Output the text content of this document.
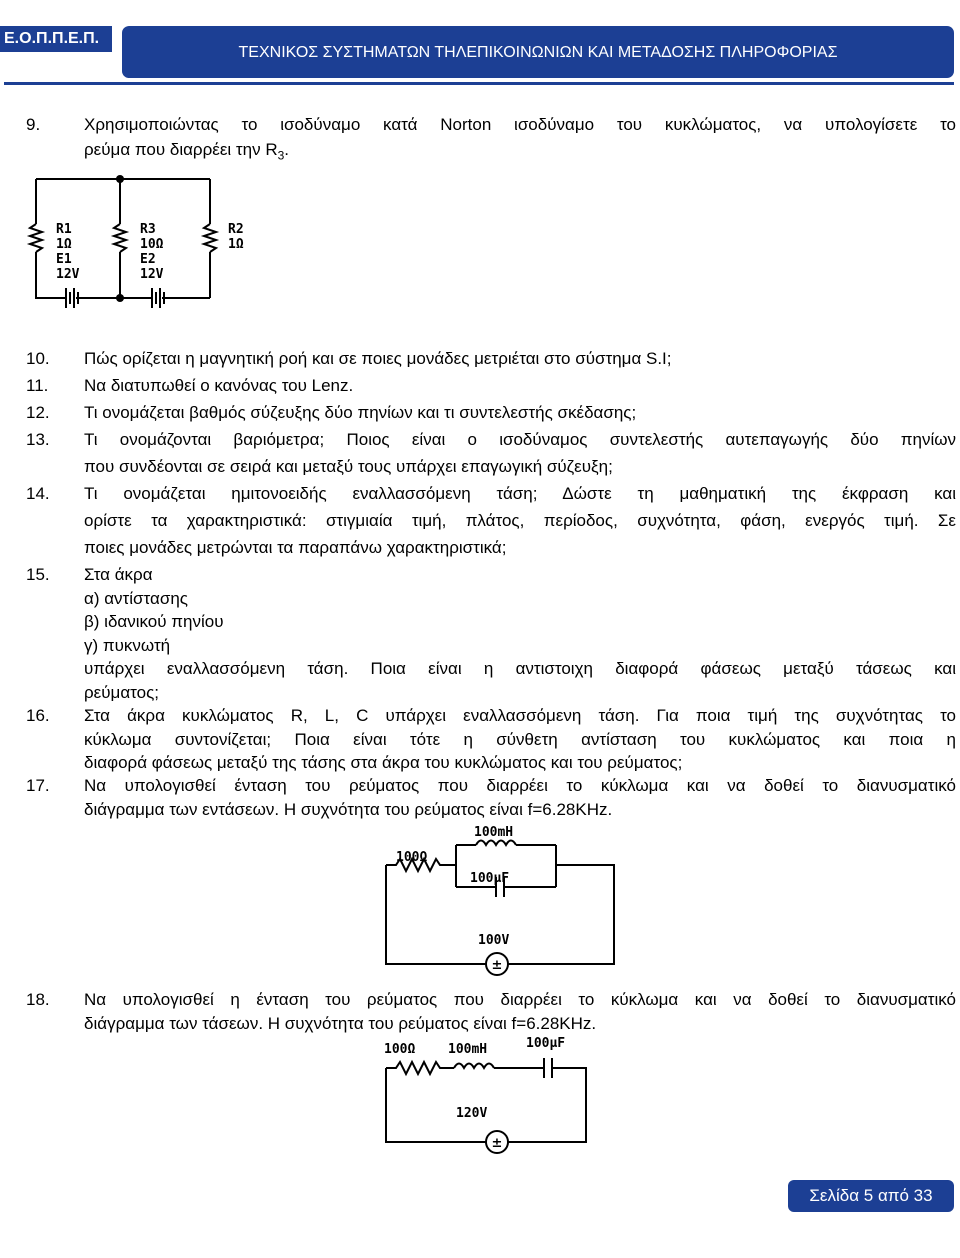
Ε.Ο.Π.Π.Ε.Π.
ΤΕΧΝΙΚΟΣ ΣΥΣΤΗΜΑΤΩΝ ΤΗΛΕΠΙΚΟΙΝΩΝΙΩΝ ΚΑΙ ΜΕΤΑΔΟΣΗΣ ΠΛΗΡΟΦΟΡΙΑΣ
9.	Χρησιμοποιώντας το ισοδύναμο κατά Norton ισοδύναμο του κυκλώματος, να υπολογίσετε το

ρεύμα που διαρρέει την $R_3$.

R1
1Ω
E1
12V
R3
10Ω
E2
12V
R2
1Ω
10. Πώς ορίζεται η μαγνητική ροή και σε ποιες μονάδες μετριέται στο σύστημα S.I;

11. Να διατυπωθεί ο κανόνας του Lenz.

12. Τι ονομάζεται βαθμός σύζευξης δύο πηνίων και τι συντελεστής σκέδασης;

13. Τι ονομάζονται βαριόμετρα; Ποιος είναι ο ισοδύναμος συντελεστής αυτεπαγωγής δύο πηνίων

που συνδέονται σε σειρά και μεταξύ τους υπάρχει επαγωγική σύζευξη;

14. Τι ονομάζεται ημιτονοειδής εναλλασσόμενη τάση; Δώστε τη μαθηματική της έκφραση και

ορίστε τα χαρακτηριστικά: στιγμιαία τιμή, πλάτος, περίοδος, συχνότητα, φάση, ενεργός τιμή. Σε

ποιες μονάδες μετρώνται τα παραπάνω χαρακτηριστικά;

15. Στα άκρα

α) αντίστασης

β) ιδανικού πηνίου

γ) πυκνωτή

υπάρχει εναλλασσόμενη τάση. Ποια είναι η αντιστοιχη διαφορά φάσεως μεταξύ τάσεως και

ρεύματος;

16. Στα άκρα κυκλώματος R, L, C υπάρχει εναλλασσόμενη τάση. Για ποια τιμή της συχνότητας το

κύκλωμα συντονίζεται; Ποια είναι τότε η σύνθετη αντίσταση του κυκλώματος και ποια η

διαφορά φάσεως μεταξύ της τάσης στα άκρα του κυκλώματος και του ρεύματος;

17. Να υπολογισθεί ένταση του ρεύματος που διαρρέει το κύκλωμα και να δοθεί το διανυσματικό

διάγραμμα των εντάσεων. Η συχνότητα του ρεύματος είναι f=6.28KHz.

±
100Ω
100mH
100μF
100V
18. Να υπολογισθεί η ένταση του ρεύματος που διαρρέει το κύκλωμα και να δοθεί το διανυσματικό

διάγραμμα των τάσεων. Η συχνότητα του ρεύματος είναι f=6.28KHz.

±
100Ω	100mH	100μF
120V
Σελίδα 5 από 33
